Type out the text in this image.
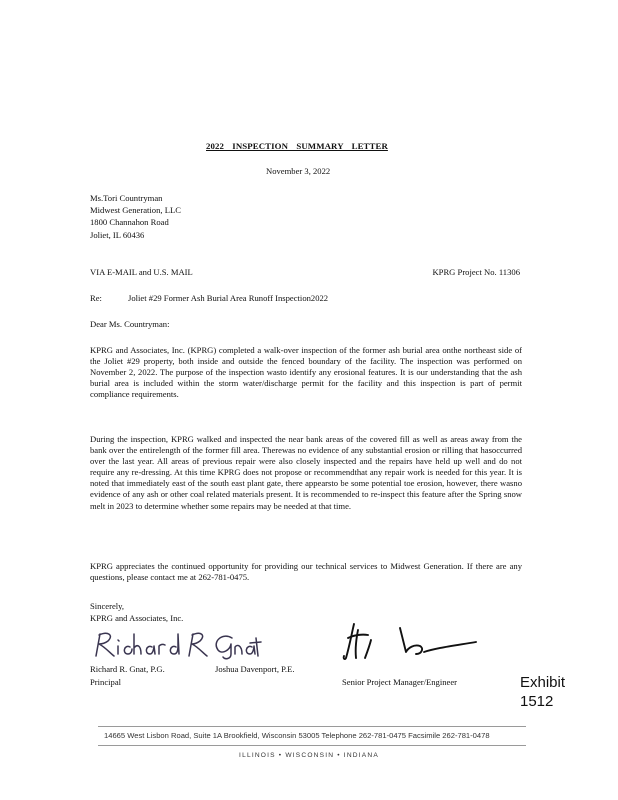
2022 INSPECTION SUMMARY LETTER
November 3, 2022
Ms.Tori Countryman
Midwest Generation, LLC
1800 Channahon Road
Joliet, IL 60436
VIA E-MAIL and U.S. MAIL	KPRG Project No. 11306
Re:	Joliet #29 Former Ash Burial Area Runoff Inspection2022
Dear Ms. Countryman:
KPRG and Associates, Inc. (KPRG) completed a walk-over inspection of the former ash burial area onthe northeast side of the Joliet #29 property, both inside and outside the fenced boundary of the facility. The inspection was performed on November 2, 2022. The purpose of the inspection wasto identify any erosional features. It is our understanding that the ash burial area is included within the storm water/discharge permit for the facility and this inspection is part of permit compliance requirements.
During the inspection, KPRG walked and inspected the near bank areas of the covered fill as well as areas away from the bank over the entirelength of the former fill area. Therewas no evidence of any substantial erosion or rilling that hasoccurred over the last year. All areas of previous repair were also closely inspected and the repairs have held up well and do not require any re-dressing. At this time KPRG does not propose or recommendthat any repair work is needed for this year. It is noted that immediately east of the south east plant gate, there appearsto be some potential toe erosion, however, there wasno evidence of any ash or other coal related materials present. It is recommended to re-inspect this feature after the Spring snow melt in 2023 to determine whether some repairs may be needed at that time.
KPRG appreciates the continued opportunity for providing our technical services to Midwest Generation. If there are any questions, please contact me at 262-781-0475.
Sincerely,
KPRG and Associates, Inc.
Richard R. Gnat, P.G.	Joshua Davenport, P.E.
Principal	Senior Project Manager/Engineer	Exhibit
1512
14665 West Lisbon Road, Suite 1A Brookfield, Wisconsin 53005 Telephone 262-781-0475 Facsimile 262-781-0478
ILLINOIS • WISCONSIN • INDIANA
